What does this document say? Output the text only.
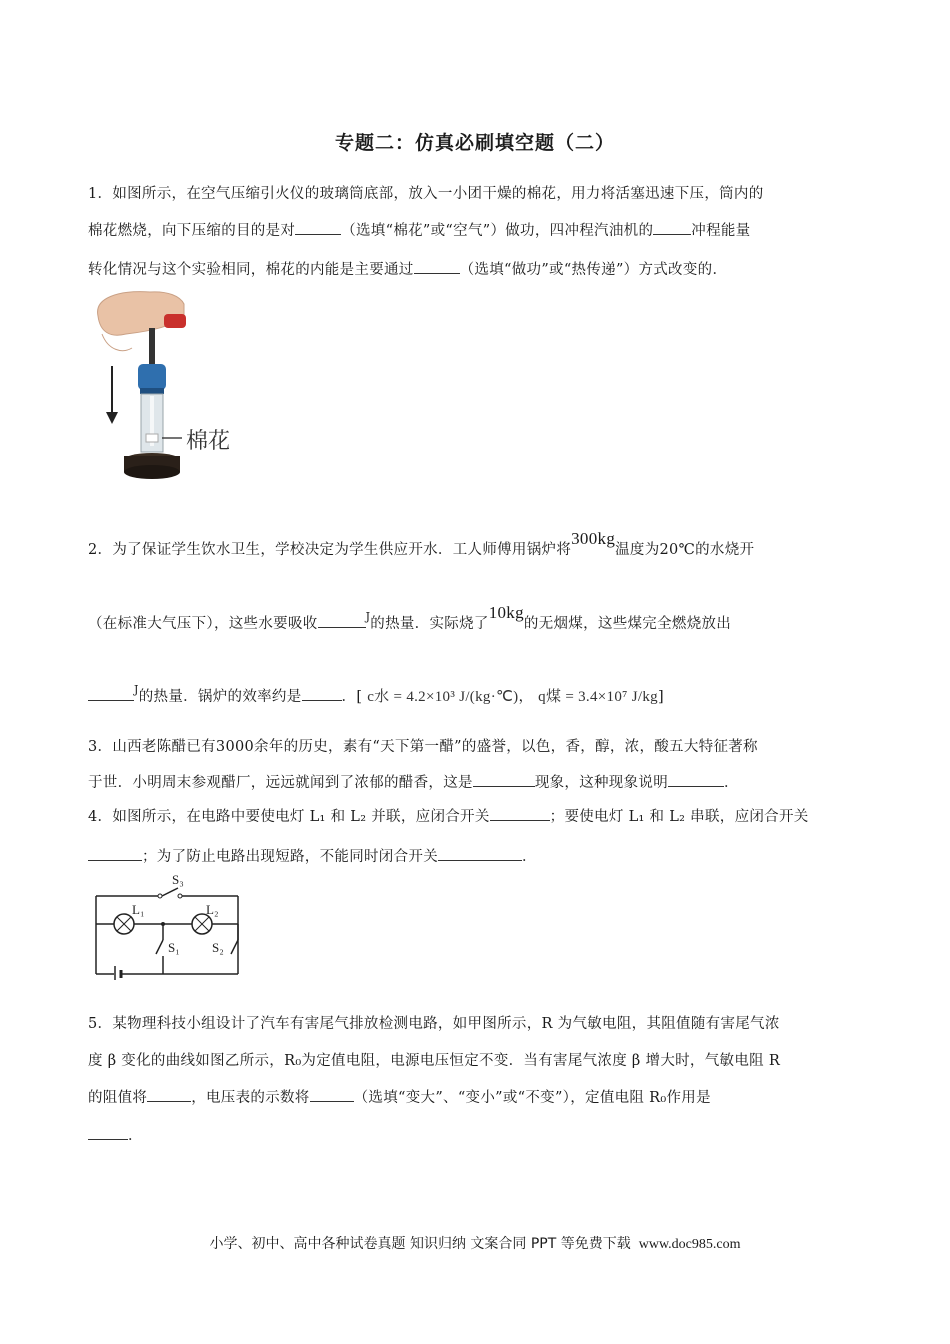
专题二：仿真必刷填空题（二）
1．如图所示，在空气压缩引火仪的玻璃筒底部，放入一小团干燥的棉花，用力将活塞迅速下压，筒内的
棉花燃烧，向下压缩的目的是对	（选填“棉花”或“空气”）做功，四冲程汽油机的	冲程能量
转化情况与这个实验相同，棉花的内能是主要通过	（选填“做功”或“热传递”）方式改变的．
棉花
2．为了保证学生饮水卫生，学校决定为学生供应开水．工人师傅用锅炉将300kg温度为20℃的水烧开
（在标准大气压下），这些水要吸收	$^J$的热量．实际烧了10kg的无烟煤，这些煤完全燃烧放出
$^J$的热量．锅炉的效率约是	．[ c水 = 4.2×10³ J/(kg·℃)， q煤 = 3.4×10⁷ J/kg]
3．山西老陈醋已有3000余年的历史，素有“天下第一醋”的盛誉，以色，香，醇，浓，酸五大特征著称
于世．小明周末参观醋厂，远远就闻到了浓郁的醋香，这是	现象，这种现象说明	．
4．如图所示，在电路中要使电灯 L₁ 和 L₂ 并联，应闭合开关	；要使电灯 L₁ 和 L₂ 串联，应闭合开关
；为了防止电路出现短路，不能同时闭合开关	．
S₃
L₁	L₂
S₁ S₂
5．某物理科技小组设计了汽车有害尾气排放检测电路，如甲图所示，R 为气敏电阻，其阻值随有害尾气浓
度 β 变化的曲线如图乙所示，R₀为定值电阻，电源电压恒定不变．当有害尾气浓度 β 增大时，气敏电阻 R
的阻值将	，电压表的示数将	（选填“变大”、“变小”或“不变”），定值电阻 R₀作用是
．
小学、初中、高中各种试卷真题 知识归纳 文案合同 PPT 等免费下载 www.doc985.com
